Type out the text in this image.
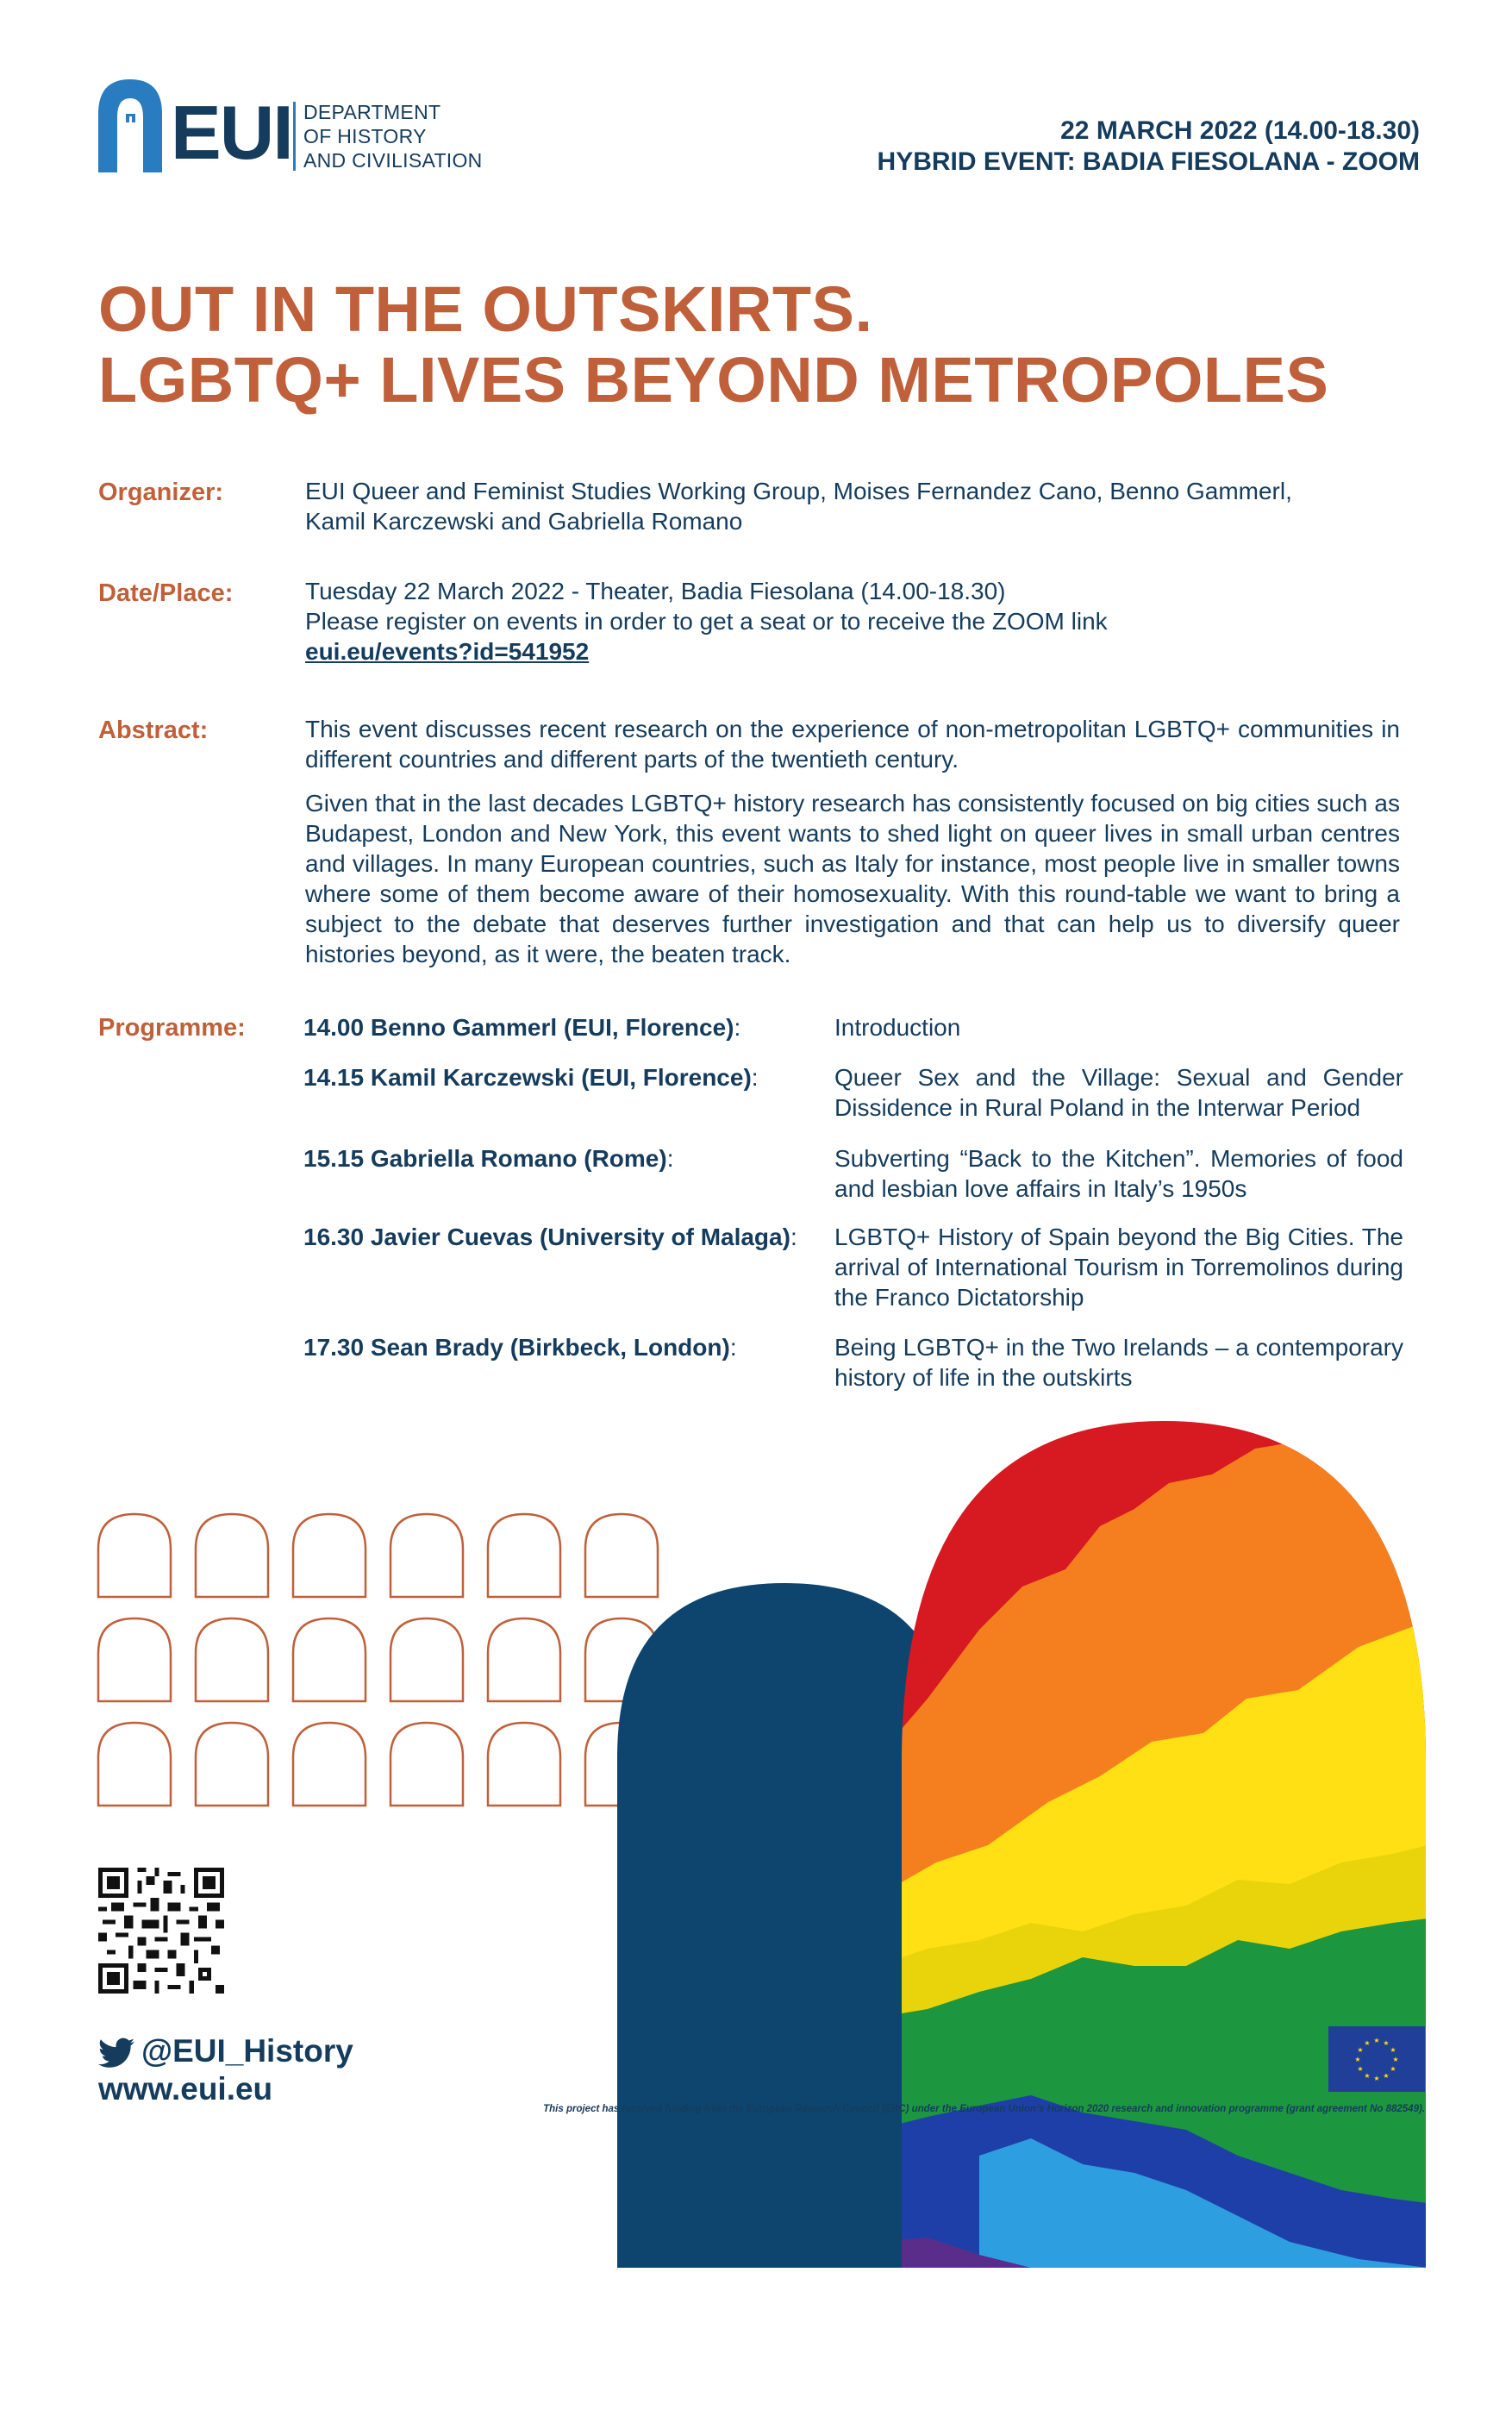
EUI DEPARTMENT
OF HISTORY
AND CIVILISATION
22 MARCH 2022 (14.00-18.30)
HYBRID EVENT: BADIA FIESOLANA - ZOOM
OUT IN THE OUTSKIRTS.
LGBTQ+ LIVES BEYOND METROPOLES
Organizer:	EUI Queer and Feminist Studies Working Group, Moises Fernandez Cano, Benno Gammerl,
Kamil Karczewski and Gabriella Romano
Date/Place:	Tuesday 22 March 2022 - Theater, Badia Fiesolana (14.00-18.30)
Please register on events in order to get a seat or to receive the ZOOM link
eui.eu/events?id=541952
Abstract:	This event discusses recent research on the experience of non-metropolitan LGBTQ+ communities in different countries and different parts of the twentieth century.

Given that in the last decades LGBTQ+ history research has consistently focused on big cities such as Budapest, London and New York, this event wants to shed light on queer lives in small urban centres and villages. In many European countries, such as Italy for instance, most people live in smaller towns where some of them become aware of their homosexuality. With this round-table we want to bring a subject to the debate that deserves further investigation and that can help us to diversify queer histories beyond, as it were, the beaten track.

Programme: 14.00 Benno Gammerl (EUI, Florence):	Introduction
14.15 Kamil Karczewski (EUI, Florence):	Queer Sex and the Village: Sexual and Gender Dissidence in Rural Poland in the Interwar Period
15.15 Gabriella Romano (Rome):	Subverting “Back to the Kitchen”. Memories of food and lesbian love affairs in Italy’s 1950s
16.30 Javier Cuevas (University of Malaga):	LGBTQ+ History of Spain beyond the Big Cities. The arrival of International Tourism in Torremolinos during the Franco Dictatorship
17.30 Sean Brady (Birkbeck, London):	Being LGBTQ+ in the Two Irelands – a contemporary history of life in the outskirts
@EUI_History
www.eui.eu
★ ★
★
★
★
★
★
★
★
★
★
★
This project has received funding from the European Research Council (ERC) under the European Union’s Horizon 2020 research and innovation programme (grant agreement No 882549).
